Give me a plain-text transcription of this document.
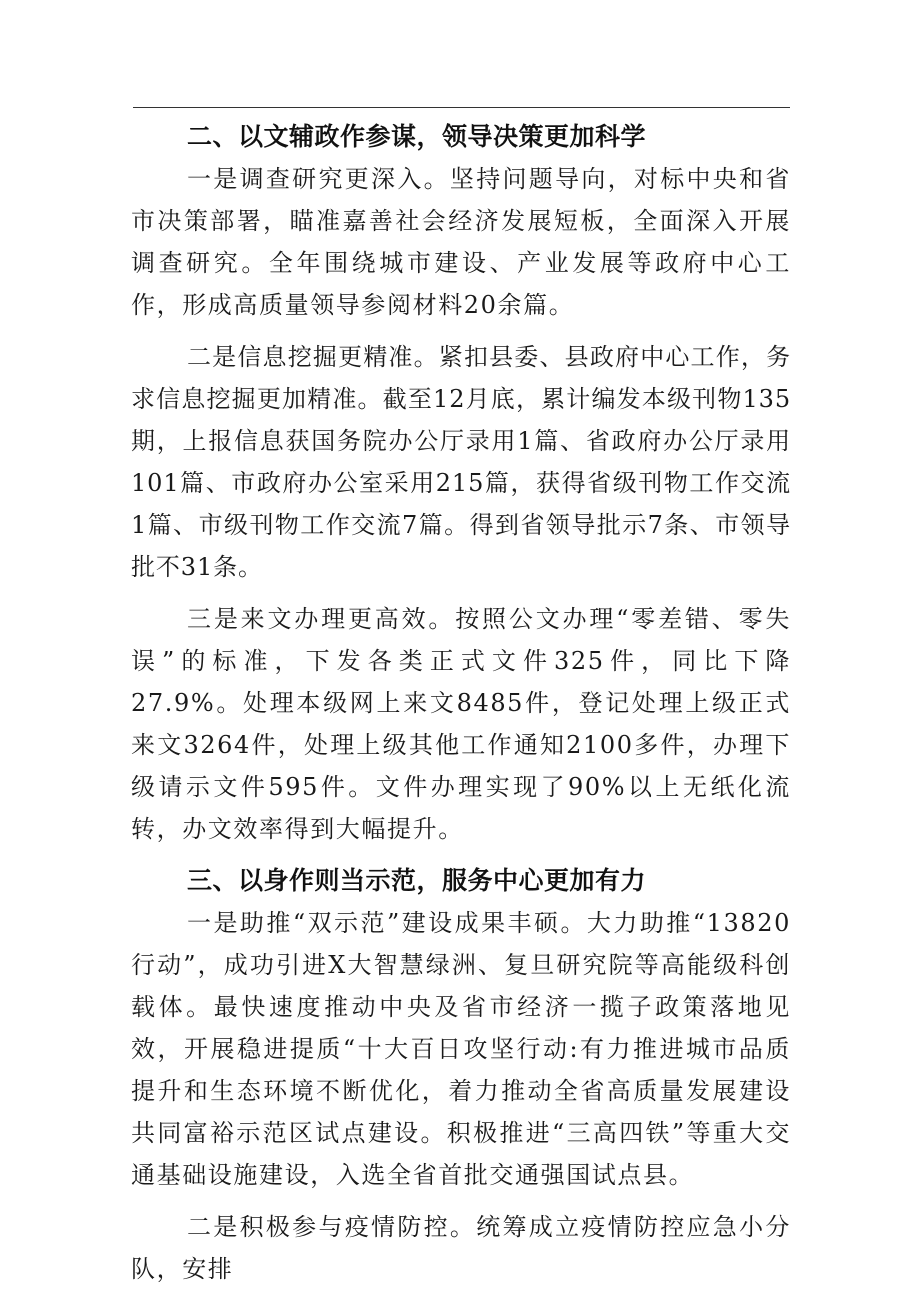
二、以文辅政作参谋，领导决策更加科学

一是调查研究更深入。坚持问题导向，对标中央和省市决策部署，瞄准嘉善社会经济发展短板，全面深入开展调查研究。全年围绕城市建设、产业发展等政府中心工作，形成高质量领导参阅材料20余篇。

二是信息挖掘更精准。紧扣县委、县政府中心工作，务求信息挖掘更加精准。截至12月底，累计编发本级刊物135期，上报信息获国务院办公厅录用1篇、省政府办公厅录用101篇、市政府办公室采用215篇，获得省级刊物工作交流1篇、市级刊物工作交流7篇。得到省领导批示7条、市领导批不31条。

三是来文办理更高效。按照公文办理“零差错、零失误”的标准，下发各类正式文件325件，同比下降27.9%。处理本级网上来文8485件，登记处理上级正式来文3264件，处理上级其他工作通知2100多件，办理下级请示文件595件。文件办理实现了90%以上无纸化流转，办文效率得到大幅提升。

三、以身作则当示范，服务中心更加有力

一是助推“双示范”建设成果丰硕。大力助推“13820行动”，成功引进X大智慧绿洲、复旦研究院等高能级科创载体。最快速度推动中央及省市经济一揽子政策落地见效，开展稳进提质“十大百日攻坚行动:有力推进城市品质提升和生态环境不断优化，着力推动全省高质量发展建设共同富裕示范区试点建设。积极推进“三高四铁”等重大交通基础设施建设，入选全省首批交通强国试点县。

二是积极参与疫情防控。统筹成立疫情防控应急小分队，安排
